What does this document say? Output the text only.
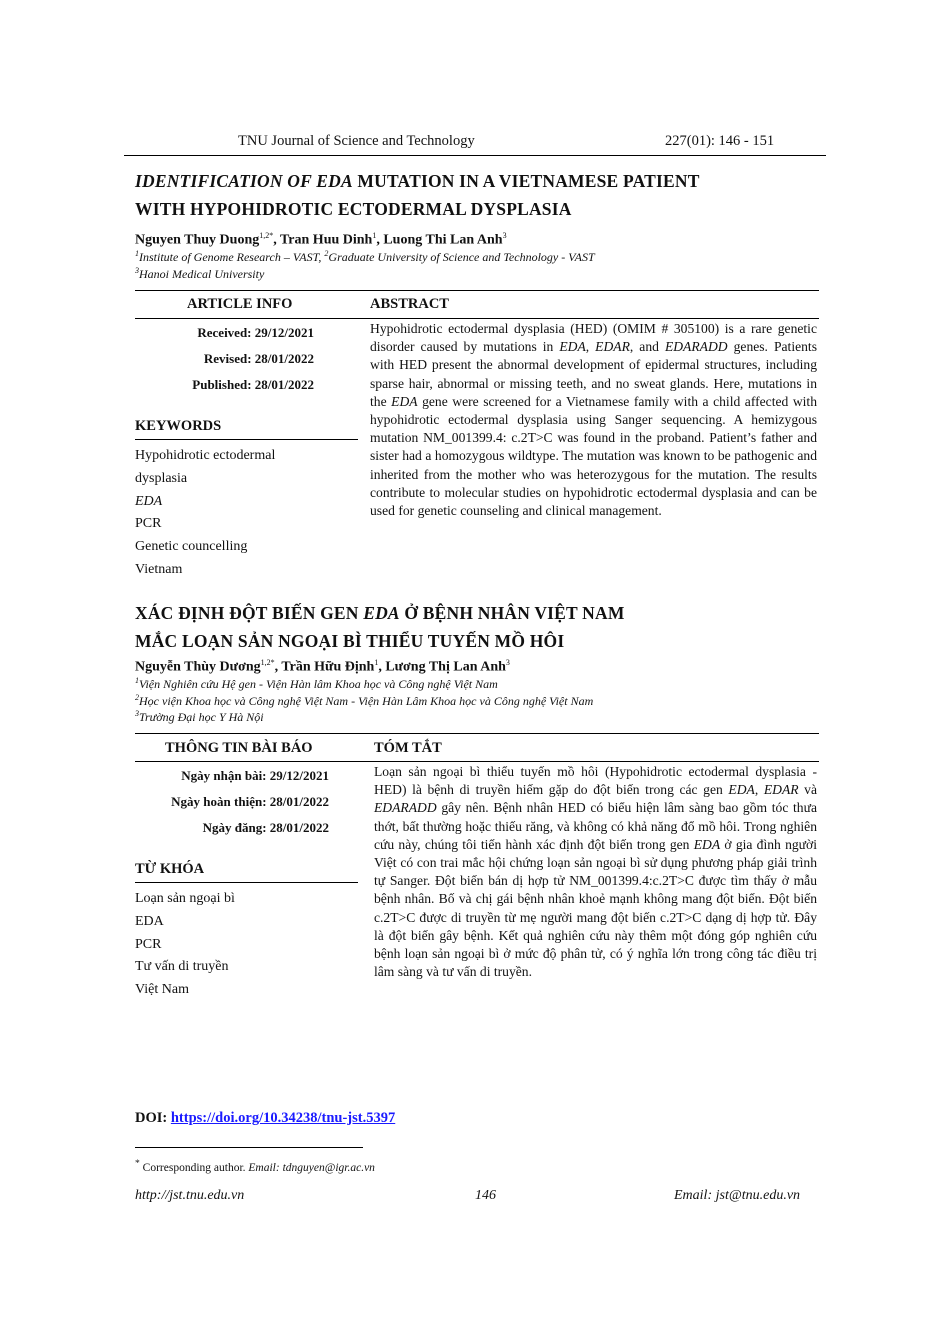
TNU Journal of Science and Technology	227(01): 146 - 151
IDENTIFICATION OF EDA MUTATION IN A VIETNAMESE PATIENT
WITH HYPOHIDROTIC ECTODERMAL DYSPLASIA
Nguyen Thuy Duong$^{1,2*}$, Tran Huu Dinh$^1$, Luong Thi Lan Anh$^3$
$^1$Institute of Genome Research – VAST, $^2$Graduate University of Science and Technology - VAST
$^3$Hanoi Medical University
ARTICLE INFO	ABSTRACT
Received: 29/12/2021
Revised: 28/01/2022
Published: 28/01/2022
KEYWORDS
Hypohidrotic ectodermal
dysplasia
EDA
PCR
Genetic councelling
Vietnam
Hypohidrotic ectodermal dysplasia (HED) (OMIM # 305100) is a rare genetic disorder caused by mutations in EDA, EDAR, and EDARADD genes. Patients with HED present the abnormal development of epidermal structures, including sparse hair, abnormal or missing teeth, and no sweat glands. Here, mutations in the EDA gene were screened for a Vietnamese family with a child affected with hypohidrotic ectodermal dysplasia using Sanger sequencing. A hemizygous mutation NM_001399.4: c.2T>C was found in the proband. Patient’s father and sister had a homozygous wildtype. The mutation was known to be pathogenic and inherited from the mother who was heterozygous for the mutation. The results contribute to molecular studies on hypohidrotic ectodermal dysplasia and can be used for genetic counseling and clinical management.
XÁC ĐỊNH ĐỘT BIẾN GEN EDA Ở BỆNH NHÂN VIỆT NAM
MẮC LOẠN SẢN NGOẠI BÌ THIỂU TUYẾN MỒ HÔI
Nguyễn Thùy Dương$^{1,2*}$, Trần Hữu Định$^1$, Lương Thị Lan Anh$^3$
$^1$Viện Nghiên cứu Hệ gen - Viện Hàn lâm Khoa học và Công nghệ Việt Nam
$^2$Học viện Khoa học và Công nghệ Việt Nam - Viện Hàn Lâm Khoa học và Công nghệ Việt Nam
$^3$Trường Đại học Y Hà Nội
THÔNG TIN BÀI BÁO	TÓM TẮT
Ngày nhận bài: 29/12/2021
Ngày hoàn thiện: 28/01/2022
Ngày đăng: 28/01/2022
TỪ KHÓA
Loạn sản ngoại bì
EDA
PCR
Tư vấn di truyền
Việt Nam
Loạn sản ngoại bì thiểu tuyến mồ hôi (Hypohidrotic ectodermal dysplasia - HED) là bệnh di truyền hiếm gặp do đột biến trong các gen EDA, EDAR và EDARADD gây nên. Bệnh nhân HED có biểu hiện lâm sàng bao gồm tóc thưa thớt, bất thường hoặc thiếu răng, và không có khả năng đổ mồ hôi. Trong nghiên cứu này, chúng tôi tiến hành xác định đột biến trong gen EDA ở gia đình người Việt có con trai mắc hội chứng loạn sản ngoại bì sử dụng phương pháp giải trình tự Sanger. Đột biến bán dị hợp tử NM_001399.4:c.2T>C được tìm thấy ở mẫu bệnh nhân. Bố và chị gái bệnh nhân khoẻ mạnh không mang đột biến. Đột biến c.2T>C được di truyền từ mẹ người mang đột biến c.2T>C dạng dị hợp tử. Đây là đột biến gây bệnh. Kết quả nghiên cứu này thêm một đóng góp nghiên cứu bệnh loạn sản ngoại bì ở mức độ phân tử, có ý nghĩa lớn trong công tác điều trị lâm sàng và tư vấn di truyền.
DOI: https://doi.org/10.34238/tnu-jst.5397
* Corresponding author. Email: tdnguyen@igr.ac.vn
http://jst.tnu.edu.vn	146	Email: jst@tnu.edu.vn
